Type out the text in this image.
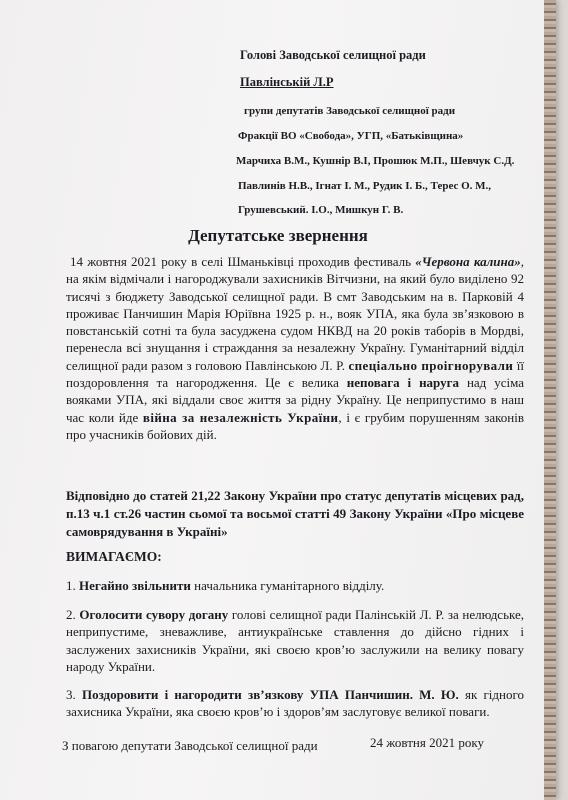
Голові Заводської селищної ради
Павлінській Л.Р
групи депутатів Заводської селищної ради
Фракції ВО «Свобода», УГП, «Батьківщина»
Марчиха В.М., Кушнір В.І, Прошюк М.П., Шевчук С.Д.
Павлинів Н.В., Ігнат І. М., Рудик І. Б., Терес О. М.,
Грушевський. І.О., Мишкун Г. В.
Депутатське звернення

14 жовтня 2021 року в селі Шманьківці проходив фестиваль «Червона калина», на якім відмічали і нагороджували захисників Вітчизни, на який було виділено 92 тисячі з бюджету Заводської селищної ради. В смт Заводським на в. Парковій 4 проживає Панчишин Марія Юріївна 1925 р. н., вояк УПА, яка була зв’язковою в повстанській сотні та була засуджена судом НКВД на 20 років таборів в Мордві, перенесла всі знущання і страждання за незалежну Україну. Гуманітарний відділ селищної ради разом з головою Павлінською Л. Р. спеціально проігнорували її поздоровлення та нагородження. Це є велика неповага і наруга над усіма вояками УПА, які віддали своє життя за рідну Україну. Це неприпустимо в наш час коли йде війна за незалежність України, і є грубим порушенням законів про учасників бойових дій.

Відповідно до статей 21,22 Закону України про статус депутатів місцевих рад, п.13 ч.1 ст.26 частин сьомої та восьмої статті 49 Закону України «Про місцеве самоврядування в Україні»
ВИМАГАЄМО:
1. Негайно звільнити начальника гуманітарного відділу.
2. Оголосити сувору догану голові селищної ради Палінській Л. Р. за нелюдське, неприпустиме, зневажливе, антиукраїнське ставлення до дійсно гідних і заслужених захисників України, які своєю кров’ю заслужили на велику повагу народу України.
3. Поздоровити і нагородити зв’язкову УПА Панчишин. М. Ю. як гідного захисника України, яка своєю кров’ю і здоров’ям заслуговує великої поваги.
З повагою депутати Заводської селищної ради	24 жовтня 2021 року
